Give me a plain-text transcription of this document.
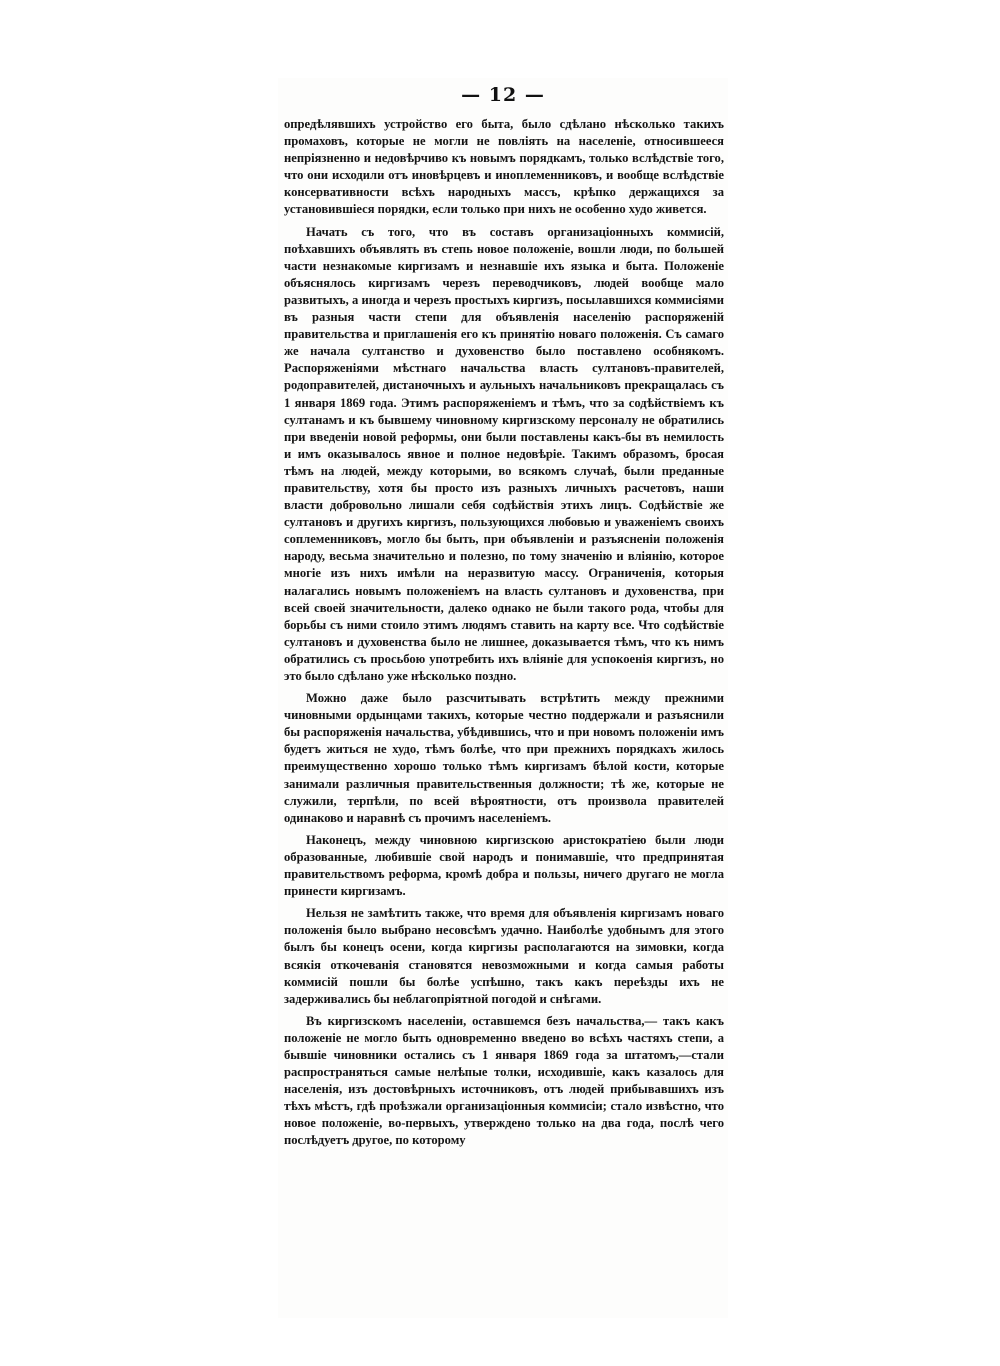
— 12 —

опредѣлявшихъ устройство его быта, было сдѣлано нѣсколько такихъ промаховъ, которые не могли не повліять на населеніе, относившееся непріязненно и недовѣрчиво къ новымъ порядкамъ, только вслѣдствіе того, что они исходили отъ иновѣрцевъ и иноплеменниковъ, и вообще вслѣдствіе консервативности всѣхъ народныхъ массъ, крѣпко держащихся за установившіеся порядки, если только при нихъ не особенно худо живется.

Начать съ того, что въ составъ организаціонныхъ коммисій, поѣхавшихъ объявлять въ степь новое положеніе, вошли люди, по большей части незнакомые киргизамъ и незнавшіе ихъ языка и быта. Положеніе объяснялось киргизамъ черезъ переводчиковъ, людей вообще мало развитыхъ, а иногда и черезъ простыхъ киргизъ, посылавшихся коммисіями въ разныя части степи для объявленія населенію распоряженій правительства и приглашенія его къ принятію новаго положенія. Съ самаго же начала султанство и духовенство было поставлено особнякомъ. Распоряженіями мѣстнаго начальства власть султановъ-правителей, родоправителей, дистаночныхъ и аульныхъ начальниковъ прекращалась съ 1 января 1869 года. Этимъ распоряженіемъ и тѣмъ, что за содѣйствіемъ къ султанамъ и къ бывшему чиновному киргизскому персоналу не обратились при введеніи новой реформы, они были поставлены какъ-бы въ немилость и имъ оказывалось явное и полное недовѣріе. Такимъ образомъ, бросая тѣмъ на людей, между которыми, во всякомъ случаѣ, были преданные правительству, хотя бы просто изъ разныхъ личныхъ расчетовъ, наши власти добровольно лишали себя содѣйствія этихъ лицъ. Содѣйствіе же султановъ и другихъ киргизъ, пользующихся любовью и уваженіемъ своихъ соплеменниковъ, могло бы быть, при объявленіи и разъясненіи положенія народу, весьма значительно и полезно, по тому значенію и вліянію, которое многіе изъ нихъ имѣли на неразвитую массу. Ограниченія, которыя налагались новымъ положеніемъ на власть султановъ и духовенства, при всей своей значительности, далеко однако не были такого рода, чтобы для борьбы съ ними стоило этимъ людямъ ставить на карту все. Что содѣйствіе султановъ и духовенства было не лишнее, доказывается тѣмъ, что къ нимъ обратились съ просьбою употребить ихъ вліяніе для успокоенія киргизъ, но это было сдѣлано уже нѣсколько поздно.

Можно даже было разсчитывать встрѣтить между прежними чиновными ордынцами такихъ, которые честно поддержали и разъяснили бы распоряженія начальства, убѣдившись, что и при новомъ положеніи имъ будетъ житься не худо, тѣмъ болѣе, что при прежнихъ порядкахъ жилось преимущественно хорошо только тѣмъ киргизамъ бѣлой кости, которые занимали различныя правительственныя должности; тѣ же, которые не служили, терпѣли, по всей вѣроятности, отъ произвола правителей одинаково и наравнѣ съ прочимъ населеніемъ.

Наконецъ, между чиновною киргизскою аристократіею были люди образованные, любившіе свой народъ и понимавшіе, что предпринятая правительствомъ реформа, кромѣ добра и пользы, ничего другаго не могла принести киргизамъ.

Нельзя не замѣтить также, что время для объявленія киргизамъ новаго положенія было выбрано несовсѣмъ удачно. Наиболѣе удобнымъ для этого былъ бы конецъ осени, когда киргизы располагаются на зимовки, когда всякія откочеванія становятся невозможными и когда самыя работы коммисій пошли бы болѣе успѣшно, такъ какъ переѣзды ихъ не задерживались бы неблагопріятной погодой и снѣгами.

Въ киргизскомъ населеніи, оставшемся безъ начальства,— такъ какъ положеніе не могло быть одновременно введено во всѣхъ частяхъ степи, а бывшіе чиновники остались съ 1 января 1869 года за штатомъ,—стали распространяться самые нелѣпые толки, исходившіе, какъ казалось для населенія, изъ достовѣрныхъ источниковъ, отъ людей прибывавшихъ изъ тѣхъ мѣстъ, гдѣ проѣзжали организаціонныя коммисіи; стало извѣстно, что новое положеніе, во-первыхъ, утверждено только на два года, послѣ чего послѣдуетъ другое, по которому
